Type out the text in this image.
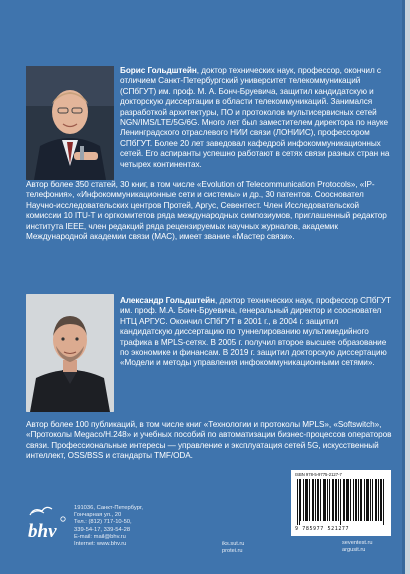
Борис Гольдштейн, доктор технических наук, профессор, окончил с отличием Санкт-Петербургский университет телекоммуникаций (СПбГУТ) им. проф. М. А. Бонч-Бруевича, защитил кандидатскую и докторскую диссертации в области телекоммуникаций. Занимался разработкой архитектуры, ПО и протоколов мультисервисных сетей NGN/IMS/LTE/5G/6G. Много лет был заместителем директора по науке Ленинградского отраслевого НИИ связи (ЛОНИИС), профессором СПбГУТ. Более 20 лет заведовал кафедрой инфокоммуникационных сетей. Его аспиранты успешно работают в сетях связи разных стран на четырех континентах.
Автор более 350 статей, 30 книг, в том числе «Evolution of Telecommunication Protocols», «IP-телефония», «Инфокоммуникационные сети и системы» и др., 30 патентов. Соосновател Научно-исследовательских центров Протей, Аргус, Севентест. Член Исследовательской комиссии 10 ITU-T и оргкомитетов ряда международных симпозиумов, приглашенный редактор института IEEE, член редакций ряда рецензируемых научных журналов, академик Международной академии связи (МАС), имеет звание «Мастер связи».
Александр Гольдштейн, доктор технических наук, профессор СПбГУТ им. проф. М.А. Бонч-Бруевича, генеральный директор и соосновател НТЦ АРГУС. Окончил СПбГУТ в 2001 г., в 2004 г. защитил кандидатскую диссертацию по туннелированию мультимедийного трафика в MPLS-сетях. В 2005 г. получил второе высшее образование по экономике и финансам. В 2019 г. защитил докторскую диссертацию «Модели и методы управления инфокоммуникационными сетями».
Автор более 100 публикаций, в том числе книг «Технологии и протоколы MPLS», «Softswitch», «Протоколы Megaco/H.248» и учебных пособий по автоматизации бизнес-процессов операторов связи. Профессиональные интересы — управление и эксплуатация сетей 5G, искусственный интеллект, OSS/BSS и стандарты TMF/ODA.
bhv
191036, Санкт-Петербург,
Гончарная ул., 20
Тел.: (812) 717-10-50,
339-54-17, 339-54-28
E-mail: mail@bhv.ru
Internet: www.bhv.ru	iks.sut.ru
protei.ru
seventest.ru
argusit.ru
ISBN 978-5-9775-2127-7
9 785977 521277
